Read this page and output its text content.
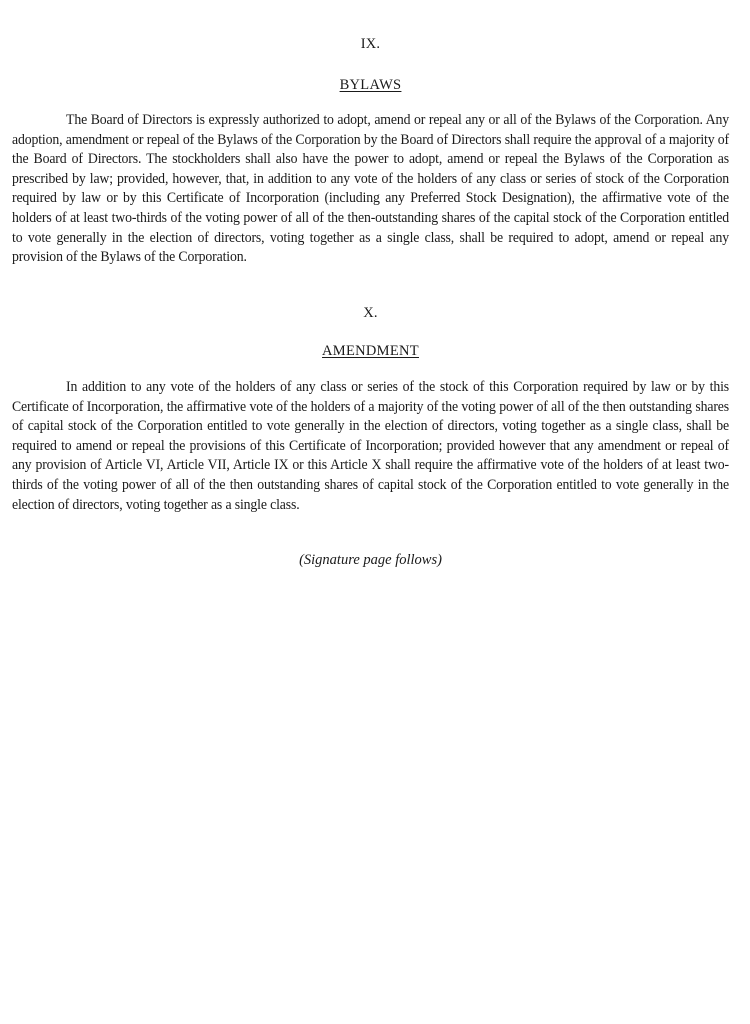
IX.
BYLAWS

The Board of Directors is expressly authorized to adopt, amend or repeal any or all of the Bylaws of the Corporation. Any adoption, amendment or repeal of the Bylaws of the Corporation by the Board of Directors shall require the approval of a majority of the Board of Directors. The stockholders shall also have the power to adopt, amend or repeal the Bylaws of the Corporation as prescribed by law; provided, however, that, in addition to any vote of the holders of any class or series of stock of the Corporation required by law or by this Certificate of Incorporation (including any Preferred Stock Designation), the affirmative vote of the holders of at least two-thirds of the voting power of all of the then-outstanding shares of the capital stock of the Corporation entitled to vote generally in the election of directors, voting together as a single class, shall be required to adopt, amend or repeal any provision of the Bylaws of the Corporation.

X.
AMENDMENT

In addition to any vote of the holders of any class or series of the stock of this Corporation required by law or by this Certificate of Incorporation, the affirmative vote of the holders of a majority of the voting power of all of the then outstanding shares of capital stock of the Corporation entitled to vote generally in the election of directors, voting together as a single class, shall be required to amend or repeal the provisions of this Certificate of Incorporation; provided however that any amendment or repeal of any provision of Article VI, Article VII, Article IX or this Article X shall require the affirmative vote of the holders of at least two-thirds of the voting power of all of the then outstanding shares of capital stock of the Corporation entitled to vote generally in the election of directors, voting together as a single class.

(Signature page follows)
